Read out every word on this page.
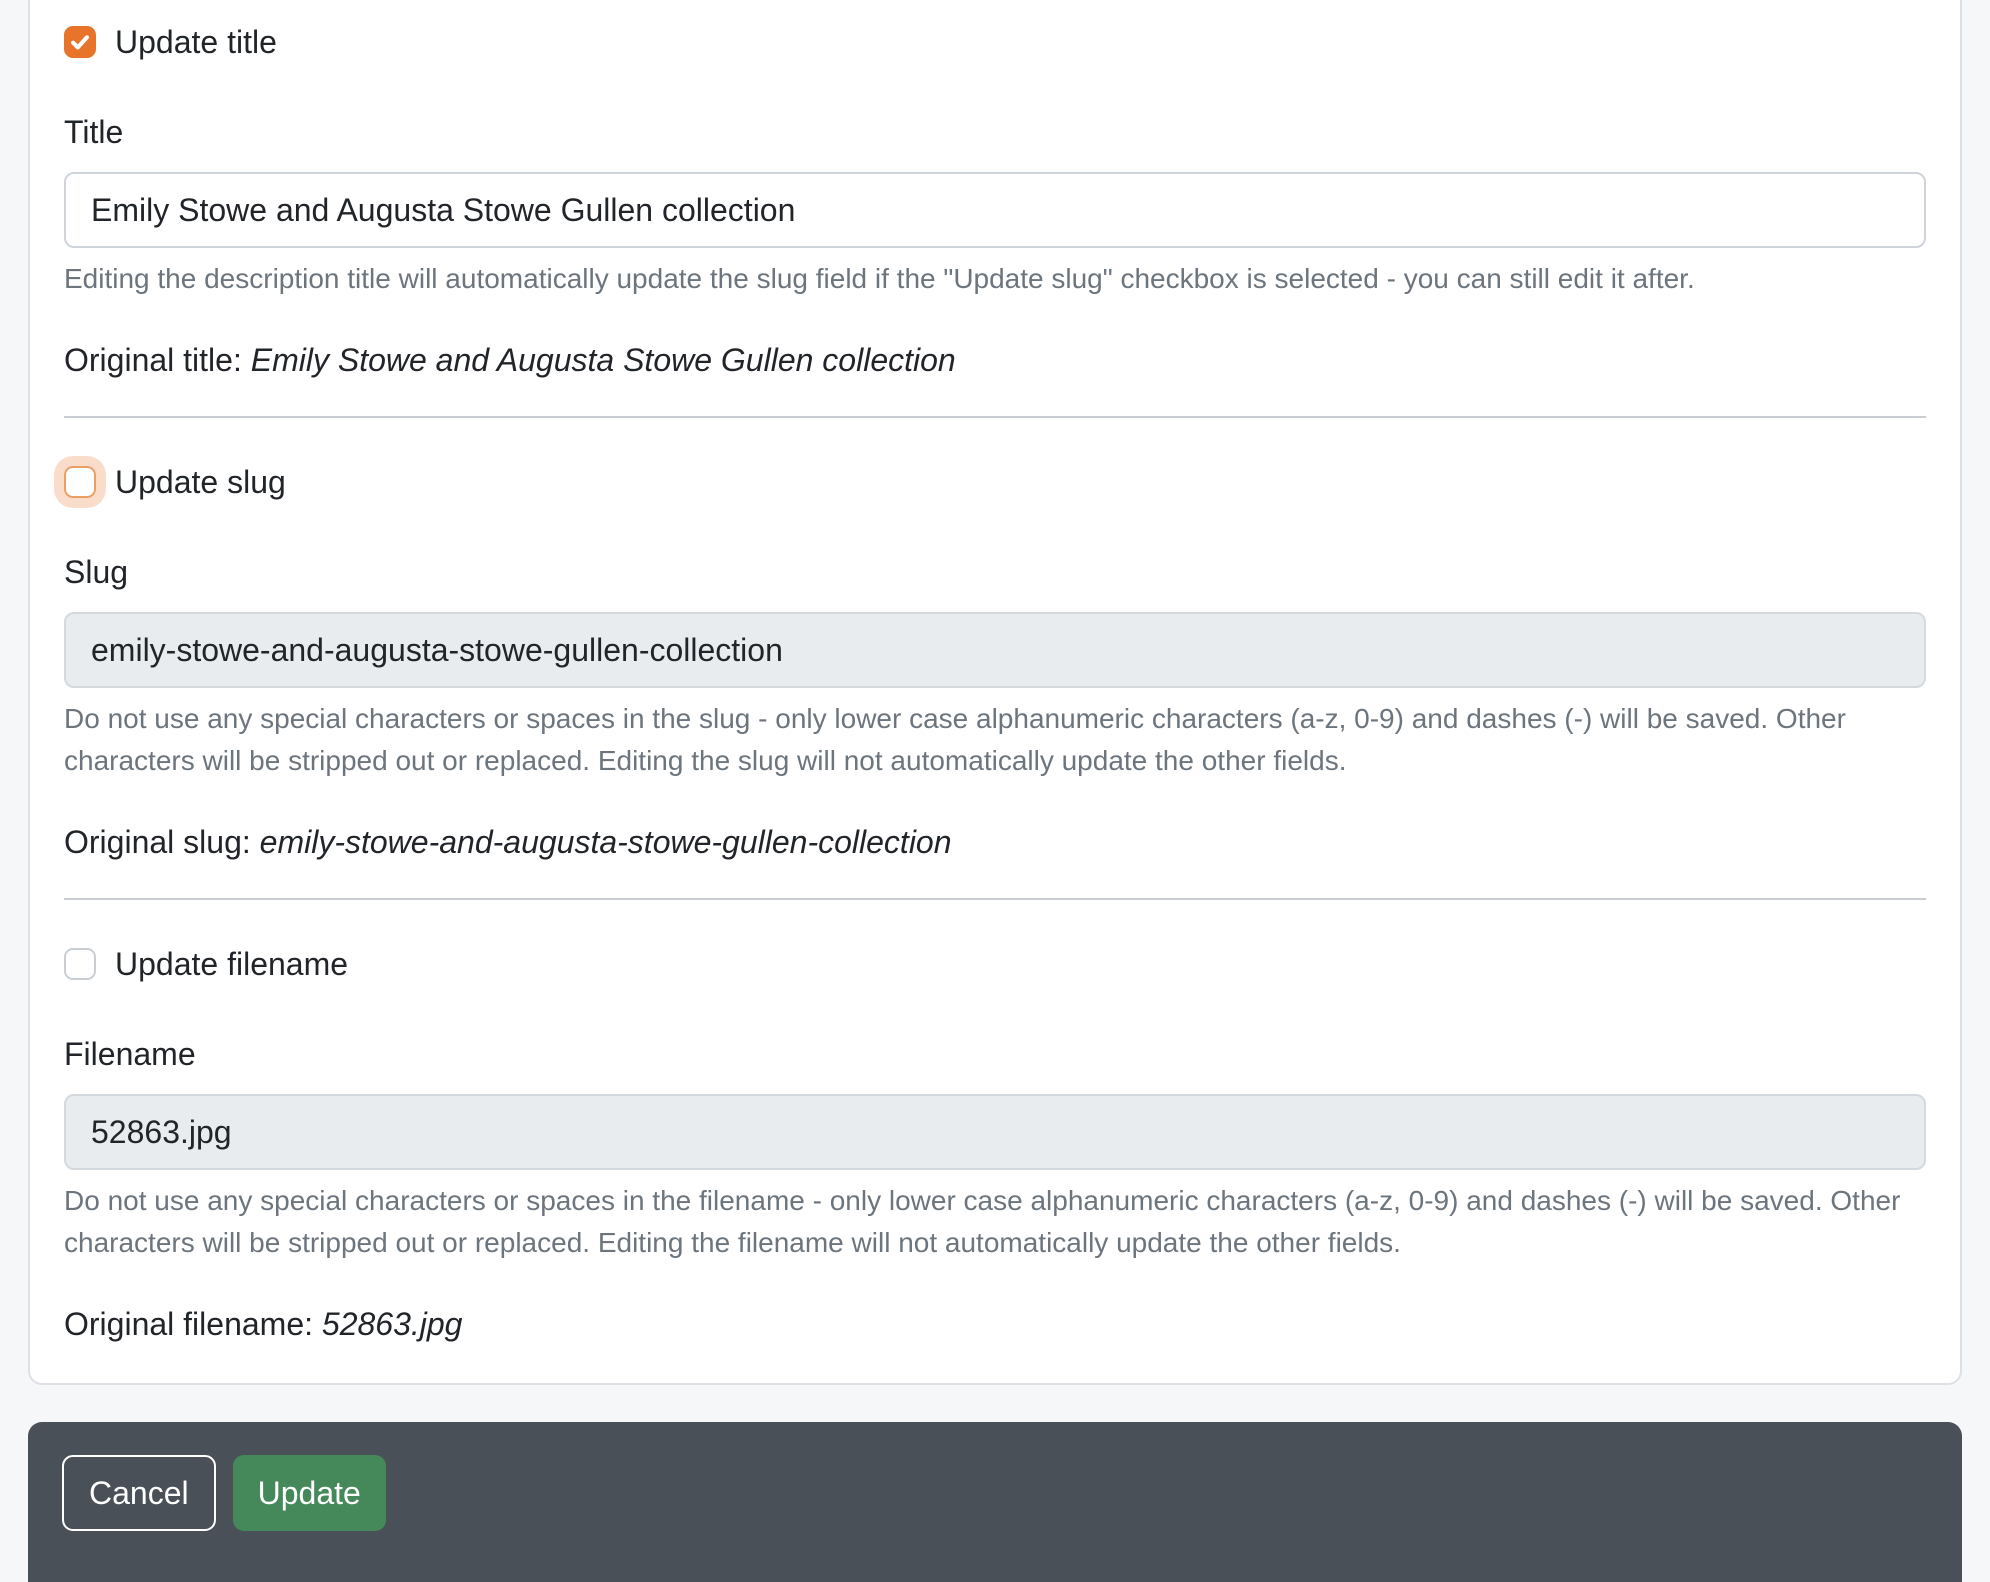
Update title
Title
Emily Stowe and Augusta Stowe Gullen collection

Editing the description title will automatically update the slug field if the "Update slug" checkbox is selected - you can still edit it after.

Original title: Emily Stowe and Augusta Stowe Gullen collection

Update slug
Slug
emily-stowe-and-augusta-stowe-gullen-collection

Do not use any special characters or spaces in the slug - only lower case alphanumeric characters (a-z, 0-9) and dashes (-) will be saved. Other characters will be stripped out or replaced. Editing the slug will not automatically update the other fields.

Original slug: emily-stowe-and-augusta-stowe-gullen-collection

Update filename
Filename
52863.jpg

Do not use any special characters or spaces in the filename - only lower case alphanumeric characters (a-z, 0-9) and dashes (-) will be saved. Other characters will be stripped out or replaced. Editing the filename will not automatically update the other fields.

Original filename: 52863.jpg

Cancel	Update
